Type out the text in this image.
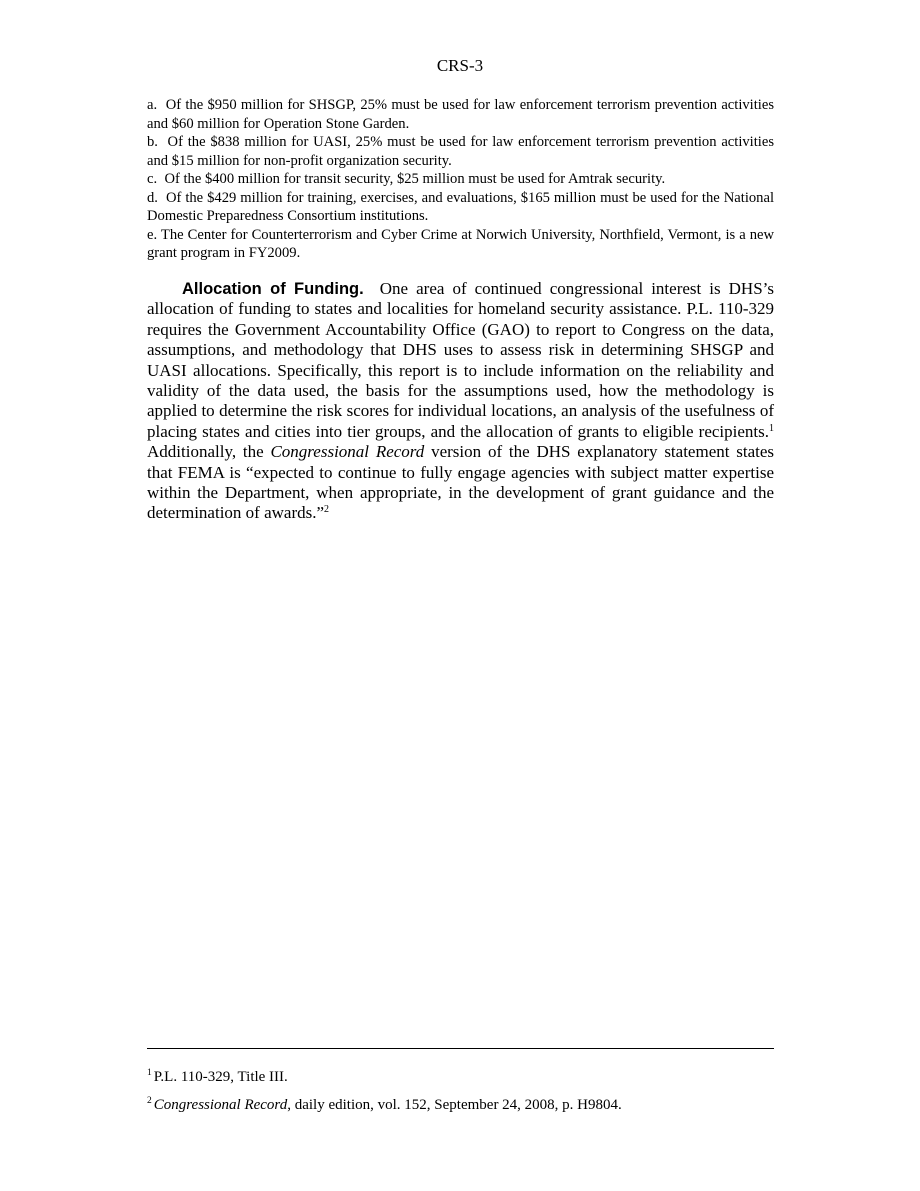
CRS-3

a. Of the $950 million for SHSGP, 25% must be used for law enforcement terrorism prevention activities and $60 million for Operation Stone Garden.

b. Of the $838 million for UASI, 25% must be used for law enforcement terrorism prevention activities and $15 million for non-profit organization security.

c. Of the $400 million for transit security, $25 million must be used for Amtrak security.

d. Of the $429 million for training, exercises, and evaluations, $165 million must be used for the National Domestic Preparedness Consortium institutions.

e. The Center for Counterterrorism and Cyber Crime at Norwich University, Northfield, Vermont, is a new grant program in FY2009.

Allocation of Funding. One area of continued congressional interest is DHS’s allocation of funding to states and localities for homeland security assistance. P.L. 110-329 requires the Government Accountability Office (GAO) to report to Congress on the data, assumptions, and methodology that DHS uses to assess risk in determining SHSGP and UASI allocations. Specifically, this report is to include information on the reliability and validity of the data used, the basis for the assumptions used, how the methodology is applied to determine the risk scores for individual locations, an analysis of the usefulness of placing states and cities into tier groups, and the allocation of grants to eligible recipients.$^1$ Additionally, the Congressional Record version of the DHS explanatory statement states that FEMA is “expected to continue to fully engage agencies with subject matter expertise within the Department, when appropriate, in the development of grant guidance and the determination of awards.”$^2$

$^1$ P.L. 110-329, Title III.

$^2$ Congressional Record, daily edition, vol. 152, September 24, 2008, p. H9804.
